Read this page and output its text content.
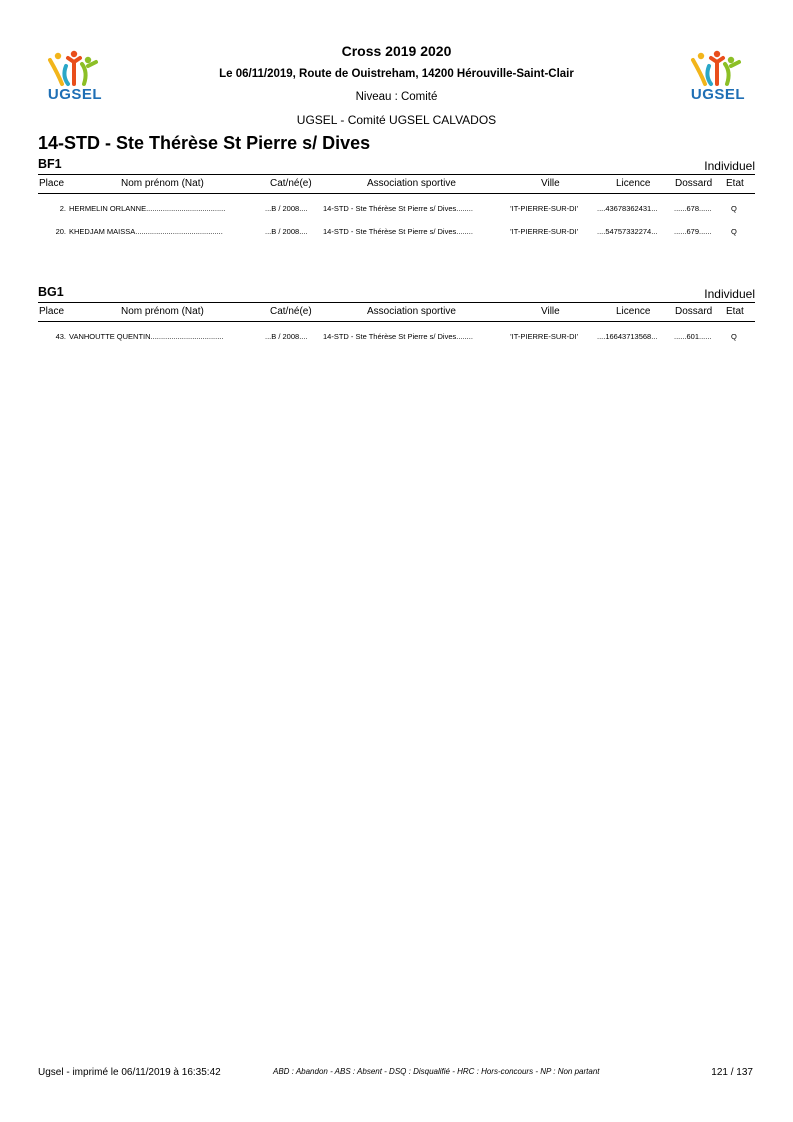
UGSEL	UGSEL
Cross 2019 2020
Le 06/11/2019, Route de Ouistreham, 14200 Hérouville-Saint-Clair
Niveau : Comité
UGSEL - Comité UGSEL CALVADOS
14-STD - Ste Thérèse St Pierre s/ Dives
BF1	Individuel
Place	Nom prénom (Nat)	Cat/né(e)	Association sportive	Ville	Licence Dossard Etat
2. HERMELIN ORLANNE......................................	...B / 2008....	14-STD - Ste Thérèse St Pierre s/ Dives........	’IT-PIERRE-SUR-DI’	....43678362431...	......678......	Q
20. KHEDJAM MAISSA..........................................	...B / 2008....	14-STD - Ste Thérèse St Pierre s/ Dives........	’IT-PIERRE-SUR-DI’	....54757332274...	......679......	Q
BG1	Individuel
Place	Nom prénom (Nat)	Cat/né(e)	Association sportive	Ville	Licence Dossard Etat
43. VANHOUTTE QUENTIN...................................	...B / 2008....	14-STD - Ste Thérèse St Pierre s/ Dives........	’IT-PIERRE-SUR-DI’	....16643713568...	......601......	Q
Ugsel - imprimé le 06/11/2019 à 16:35:42	ABD : Abandon - ABS : Absent - DSQ : Disqualifié - HRC : Hors-concours - NP : Non partant	121 / 137
